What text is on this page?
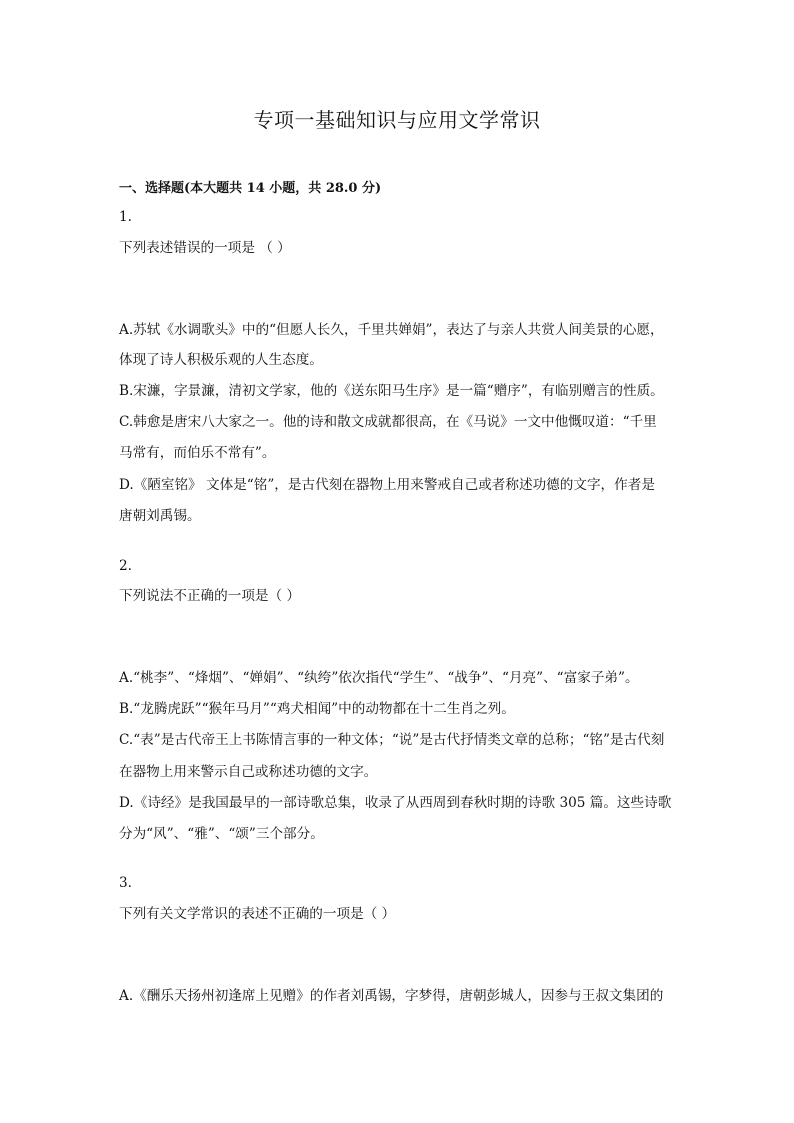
专项一基础知识与应用文学常识
一、选择题(本大题共 14 小题，共 28.0 分)
1.
下列表述错误的一项是 （ ）
A.苏轼《水调歌头》中的“但愿人长久，千里共婵娟”，表达了与亲人共赏人间美景的心愿，
体现了诗人积极乐观的人生态度。
B.宋濂，字景濂，清初文学家，他的《送东阳马生序》是一篇“赠序”，有临别赠言的性质。
C.韩愈是唐宋八大家之一。他的诗和散文成就都很高，在《马说》一文中他慨叹道：“千里
马常有，而伯乐不常有”。
D.《陋室铭》 文体是“铭”，是古代刻在器物上用来警戒自己或者称述功德的文字，作者是
唐朝刘禹锡。
2.
下列说法不正确的一项是（ ）
A.“桃李”、“烽烟”、“婵娟”、“纨绔”依次指代“学生”、“战争”、“月亮”、“富家子弟”。
B.“龙腾虎跃”“猴年马月”“鸡犬相闻”中的动物都在十二生肖之列。
C.“表”是古代帝王上书陈情言事的一种文体；“说”是古代抒情类文章的总称；“铭”是古代刻
在器物上用来警示自己或称述功德的文字。
D.《诗经》是我国最早的一部诗歌总集，收录了从西周到春秋时期的诗歌 305 篇。这些诗歌
分为“风”、“雅”、“颂”三个部分。
3.
下列有关文学常识的表述不正确的一项是（ ）
A.《酬乐天扬州初逢席上见赠》的作者刘禹锡，字梦得，唐朝彭城人，因参与王叔文集团的
